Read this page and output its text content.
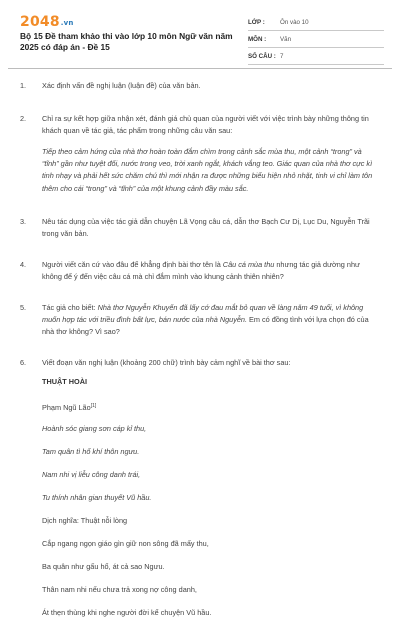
2048.vn
Bộ 15 Đề tham khảo thi vào lớp 10 môn Ngữ văn năm 2025 có đáp án - Đề 15
LỚP :	Ôn vào 10
MÔN :	Văn
SỐ CÂU : 7
1. Xác định vấn đề nghị luận (luận đề) của văn bản.
2. Chỉ ra sự kết hợp giữa nhận xét, đánh giá chủ quan của người viết với việc trình bày những thông tin khách quan về tác giả, tác phẩm trong những câu văn sau:
Tiếp theo cảm hứng của nhà thơ hoàn toàn đắm chìm trong cảnh sắc mùa thu, một cảnh “trong” và “tĩnh” gần như tuyệt đối, nước trong veo, trời xanh ngắt, khách vắng teo. Giác quan của nhà thơ cực kì tinh nhạy và phải hết sức chăm chú thì mới nhận ra được những biểu hiện nhỏ nhặt, tinh vi chỉ làm tôn thêm cho cái “trong” và “tĩnh” của một khung cảnh đầy màu sắc.
3. Nêu tác dụng của việc tác giả dẫn chuyện Lã Vọng câu cá, dẫn thơ Bạch Cư Dị, Lục Du, Nguyễn Trãi trong văn bản.
4. Người viết căn cứ vào đâu để khẳng định bài thơ tên là Câu cá mùa thu nhưng tác giả dường như không để ý đến việc câu cá mà chỉ đắm mình vào khung cảnh thiên nhiên?
5. Tác giả cho biết: Nhà thơ Nguyễn Khuyến đã lấy cớ đau mắt bỏ quan về làng năm 49 tuổi, vì không muốn hợp tác với triều đình bất lực, bán nước của nhà Nguyễn. Em có đồng tình với lựa chọn đó của nhà thơ không? Vì sao?
6. Viết đoạn văn nghị luận (khoảng 200 chữ) trình bày cảm nghĩ về bài thơ sau:
THUẬT HOÀI
Phạm Ngũ Lão[1]
Hoành sóc giang sơn cáp kỉ thu,
Tam quân tì hổ khí thôn ngưu.
Nam nhi vị liễu công danh trái,
Tu thính nhân gian thuyết Vũ hầu.
Dịch nghĩa: Thuật nỗi lòng
Cắp ngang ngọn giáo gìn giữ non sông đã mấy thu,
Ba quân như gấu hổ, át cả sao Ngưu.
Thân nam nhi nếu chưa trả xong nợ công danh,
Át thẹn thùng khi nghe người đời kể chuyện Vũ hầu.
